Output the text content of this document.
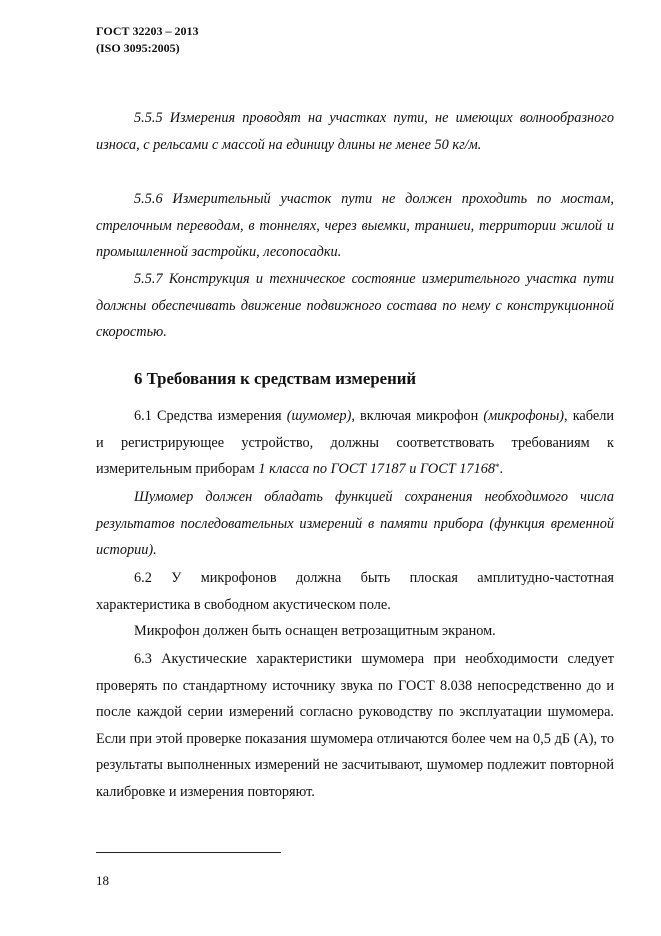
ГОСТ 32203 – 2013
(ISO 3095:2005)

5.5.5 Измерения проводят на участках пути, не имеющих волнообразного износа, с рельсами с массой на единицу длины не менее 50 кг/м.

5.5.6 Измерительный участок пути не должен проходить по мостам, стрелочным переводам, в тоннелях, через выемки, траншеи, территории жилой и промышленной застройки, лесопосадки.

5.5.7 Конструкция и техническое состояние измерительного участка пути должны обеспечивать движение подвижного состава по нему с конструкционной скоростью.

6 Требования к средствам измерений

6.1 Средства измерения (шумомер), включая микрофон (микрофоны), кабели и регистрирующее устройство, должны соответствовать требованиям к измерительным приборам 1 класса по ГОСТ 17187 и ГОСТ 17168*.

Шумомер должен обладать функцией сохранения необходимого числа результатов последовательных измерений в памяти прибора (функция временной истории).

6.2 У микрофонов должна быть плоская амплитудно-частотная характеристика в свободном акустическом поле.

Микрофон должен быть оснащен ветрозащитным экраном.

6.3 Акустические характеристики шумомера при необходимости следует проверять по стандартному источнику звука по ГОСТ 8.038 непосредственно до и после каждой серии измерений согласно руководству по эксплуатации шумомера. Если при этой проверке показания шумомера отличаются более чем на 0,5 дБ (А), то результаты выполненных измерений не засчитывают, шумомер подлежит повторной калибровке и измерения повторяют.

18
